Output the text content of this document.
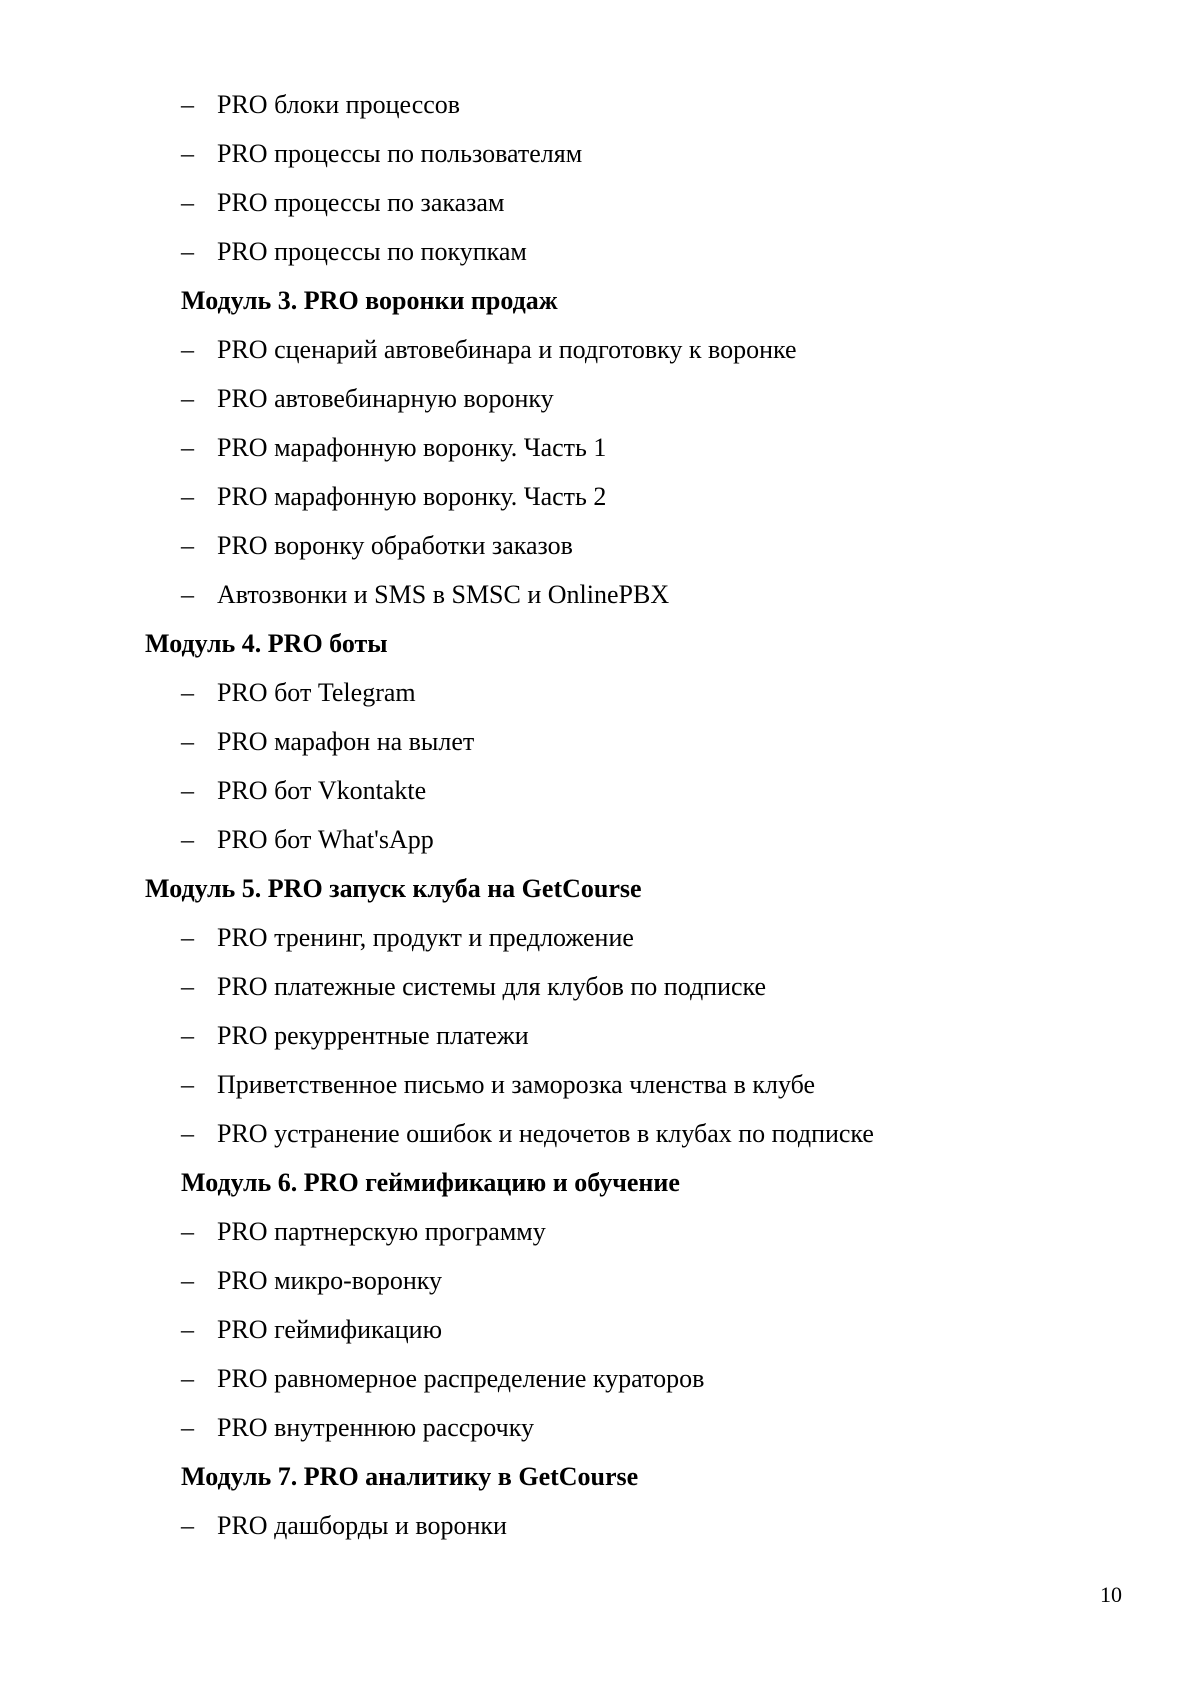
– PRO блоки процессов
– PRO процессы по пользователям
– PRO процессы по заказам
– PRO процессы по покупкам
Модуль 3. PRO воронки продаж
– PRO сценарий автовебинара и подготовку к воронке
– PRO автовебинарную воронку
– PRO марафонную воронку. Часть 1
– PRO марафонную воронку. Часть 2
– PRO воронку обработки заказов
– Автозвонки и SMS в SMSC и OnlinePBX
Модуль 4. PRO боты
– PRO бот Telegram
– PRO марафон на вылет
– PRO бот Vkontakte
– PRO бот What'sApp
Модуль 5. PRO запуск клуба на GetCourse
– PRO тренинг, продукт и предложение
– PRO платежные системы для клубов по подписке
– PRO рекуррентные платежи
– Приветственное письмо и заморозка членства в клубе
– PRO устранение ошибок и недочетов в клубах по подписке
Модуль 6. PRO геймификацию и обучение
– PRO партнерскую программу
– PRO микро-воронку
– PRO геймификацию
– PRO равномерное распределение кураторов
– PRO внутреннюю рассрочку
Модуль 7. PRO аналитику в GetCourse
– PRO дашборды и воронки
10
